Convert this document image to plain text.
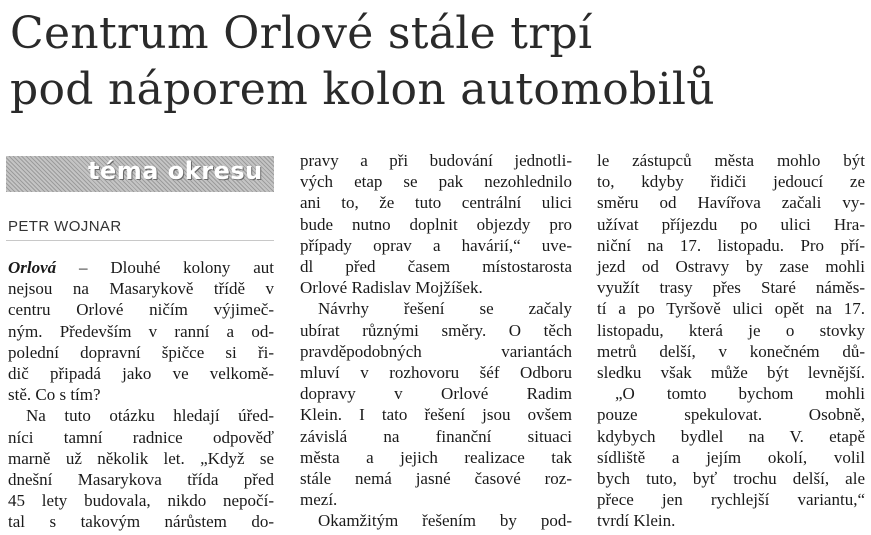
Centrum Orlové stále trpí
pod náporem kolon automobilů
téma okresu
PETR WOJNAR
Orlová – Dlouhé kolony aut
nejsou na Masarykově třídě v
centru Orlové ničím výjimeč-
ným. Především v ranní a od-
polední dopravní špičce si ři-
dič připadá jako ve velkomě-
stě. Co s tím?
Na tuto otázku hledají úřed-
níci tamní radnice odpověď
marně už několik let. „Když se
dnešní Masarykova třída před
45 lety budovala, nikdo nepočí-
tal s takovým nárůstem do-
pravy a při budování jednotli-
vých etap se pak nezohlednilo
ani to, že tuto centrální ulici
bude nutno doplnit objezdy pro
případy oprav a havárií,“ uve-
dl před časem místostarosta
Orlové Radislav Mojžíšek.
Návrhy řešení se začaly
ubírat různými směry. O těch
pravděpodobných variantách
mluví v rozhovoru šéf Odboru
dopravy v Orlové Radim
Klein. I tato řešení jsou ovšem
závislá na finanční situaci
města a jejich realizace tak
stále nemá jasné časové roz-
mezí.
Okamžitým řešením by pod-
le zástupců města mohlo být
to, kdyby řidiči jedoucí ze
směru od Havířova začali vy-
užívat příjezdu po ulici Hra-
niční na 17. listopadu. Pro pří-
jezd od Ostravy by zase mohli
využít trasy přes Staré náměs-
tí a po Tyršově ulici opět na 17.
listopadu, která je o stovky
metrů delší, v konečném dů-
sledku však může být levnější.
„O tomto bychom mohli
pouze spekulovat. Osobně,
kdybych bydlel na V. etapě
sídliště a jejím okolí, volil
bych tuto, byť trochu delší, ale
přece jen rychlejší variantu,“
tvrdí Klein.
